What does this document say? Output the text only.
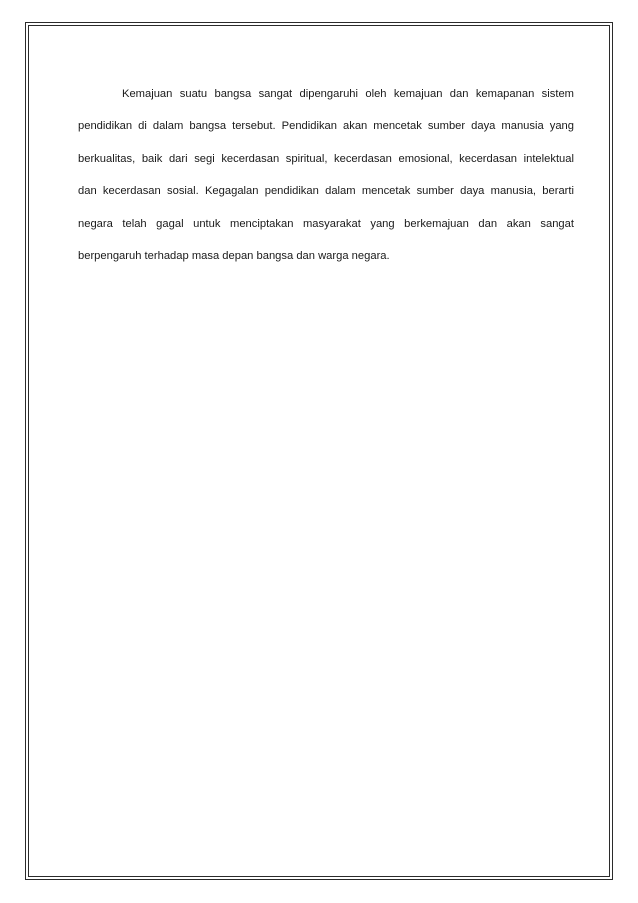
Kemajuan suatu bangsa sangat dipengaruhi oleh kemajuan dan kemapanan sistem
pendidikan di dalam bangsa tersebut. Pendidikan akan mencetak sumber daya manusia yang
berkualitas, baik dari segi kecerdasan spiritual, kecerdasan emosional, kecerdasan intelektual
dan kecerdasan sosial. Kegagalan pendidikan dalam mencetak sumber daya manusia, berarti
negara telah gagal untuk menciptakan masyarakat yang berkemajuan dan akan sangat
berpengaruh terhadap masa depan bangsa dan warga negara.
